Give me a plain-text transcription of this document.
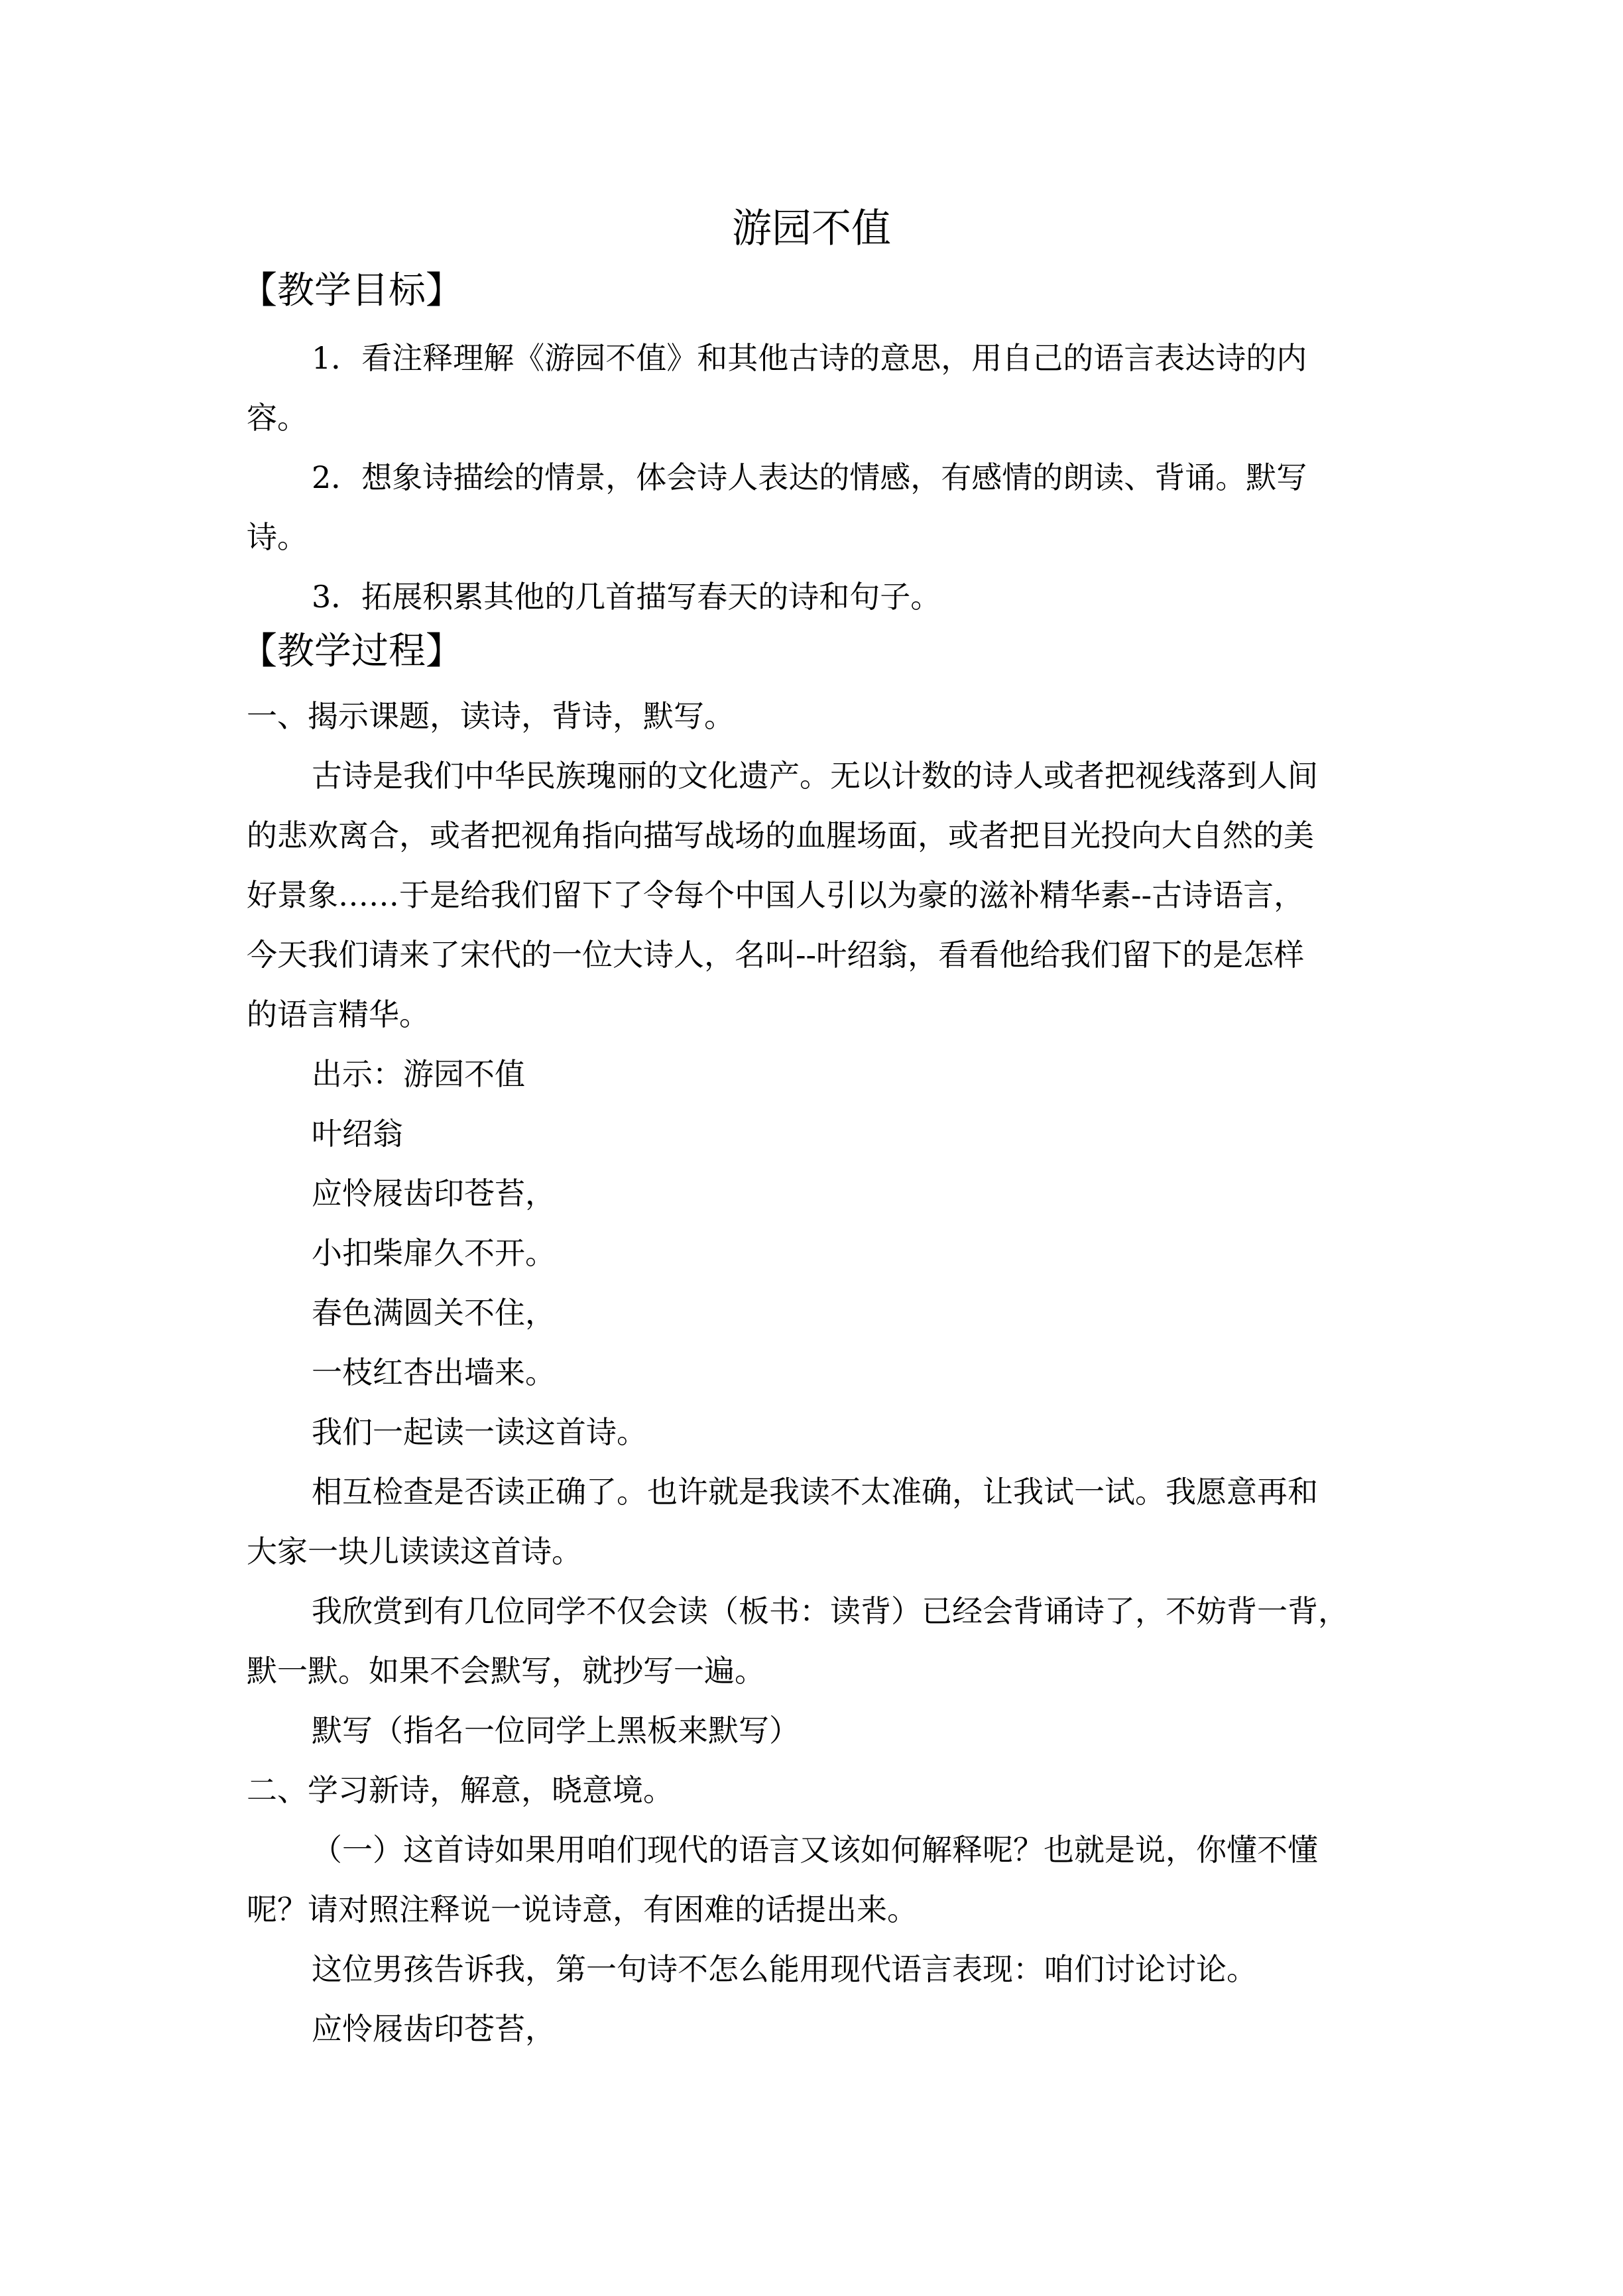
游园不值
【教学目标】
1．看注释理解《游园不值》和其他古诗的意思，用自己的语言表达诗的内
容。
2．想象诗描绘的情景，体会诗人表达的情感，有感情的朗读、背诵。默写
诗。
3．拓展积累其他的几首描写春天的诗和句子。
【教学过程】
一、揭示课题，读诗，背诗，默写。
古诗是我们中华民族瑰丽的文化遗产。无以计数的诗人或者把视线落到人间
的悲欢离合，或者把视角指向描写战场的血腥场面，或者把目光投向大自然的美
好景象……于是给我们留下了令每个中国人引以为豪的滋补精华素--古诗语言，
今天我们请来了宋代的一位大诗人，名叫--叶绍翁，看看他给我们留下的是怎样
的语言精华。
出示：游园不值
叶绍翁
应怜屐齿印苍苔，
小扣柴扉久不开。
春色满圆关不住，
一枝红杏出墙来。
我们一起读一读这首诗。
相互检查是否读正确了。也许就是我读不太准确，让我试一试。我愿意再和
大家一块儿读读这首诗。
我欣赏到有几位同学不仅会读（板书：读背）已经会背诵诗了，不妨背一背，
默一默。如果不会默写，就抄写一遍。
默写（指名一位同学上黑板来默写）
二、学习新诗，解意，晓意境。
（一）这首诗如果用咱们现代的语言又该如何解释呢？也就是说，你懂不懂
呢？请对照注释说一说诗意，有困难的话提出来。
这位男孩告诉我，第一句诗不怎么能用现代语言表现：咱们讨论讨论。
应怜屐齿印苍苔，
